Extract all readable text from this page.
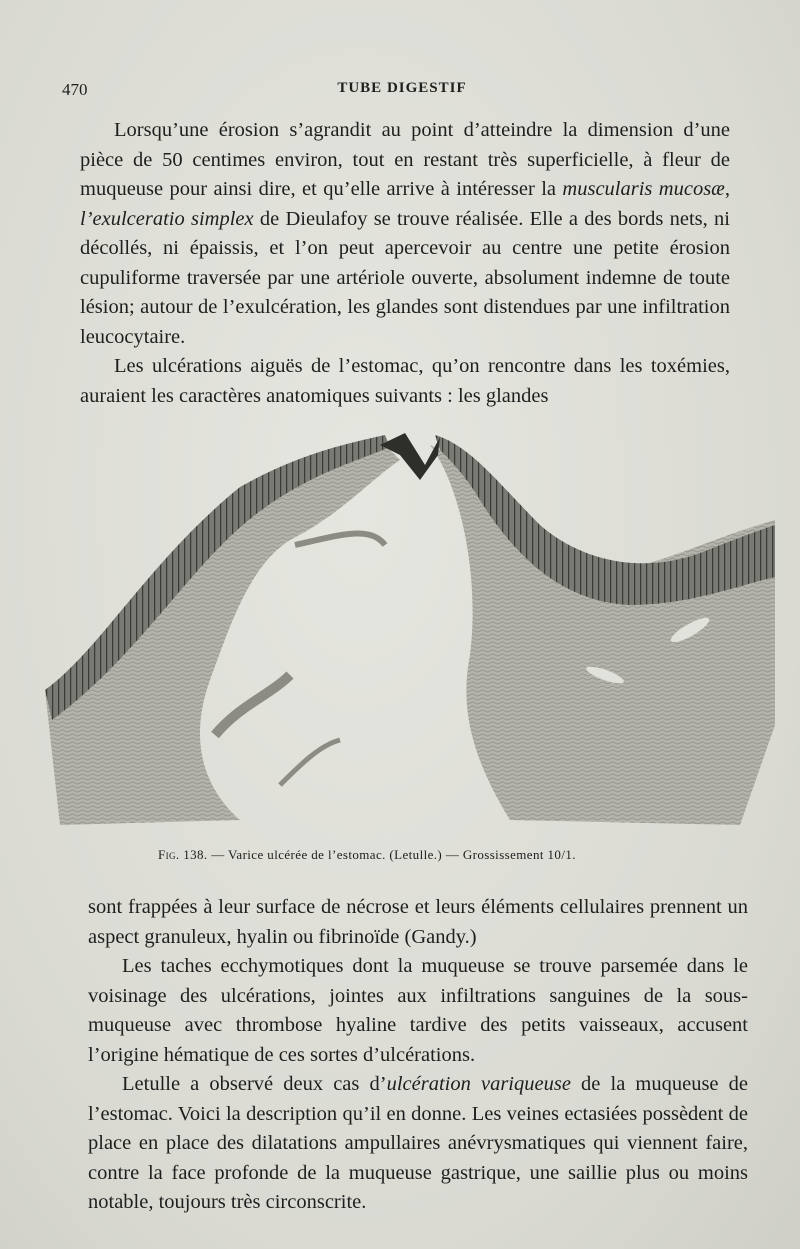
470	TUBE DIGESTIF

Lorsqu’une érosion s’agrandit au point d’atteindre la dimension d’une pièce de 50 centimes environ, tout en restant très superficielle, à fleur de muqueuse pour ainsi dire, et qu’elle arrive à intéresser la muscularis mucosæ, l’exulceratio simplex de Dieulafoy se trouve réalisée. Elle a des bords nets, ni décollés, ni épaissis, et l’on peut apercevoir au centre une petite érosion cupuliforme traversée par une artériole ouverte, absolument indemne de toute lésion; autour de l’exulcération, les glandes sont distendues par une infiltration leucocytaire.

Les ulcérations aiguës de l’estomac, qu’on rencontre dans les toxémies, auraient les caractères anatomiques suivants : les glandes

Fig. 138. — Varice ulcérée de l’estomac. (Letulle.) — Grossissement 10/1.

sont frappées à leur surface de nécrose et leurs éléments cellulaires prennent un aspect granuleux, hyalin ou fibrinoïde (Gandy.)

Les taches ecchymotiques dont la muqueuse se trouve parsemée dans le voisinage des ulcérations, jointes aux infiltrations sanguines de la sous-muqueuse avec thrombose hyaline tardive des petits vaisseaux, accusent l’origine hématique de ces sortes d’ulcérations.

Letulle a observé deux cas d’ulcération variqueuse de la muqueuse de l’estomac. Voici la description qu’il en donne. Les veines ectasiées possèdent de place en place des dilatations ampullaires anévrysmatiques qui viennent faire, contre la face profonde de la muqueuse gastrique, une saillie plus ou moins notable, toujours très circonscrite.
